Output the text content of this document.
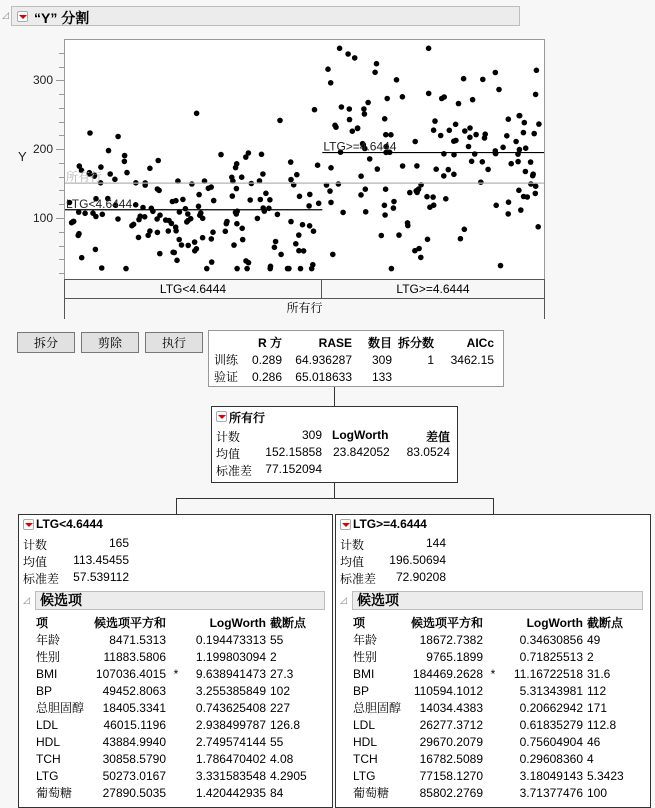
◿ “Y” 分割
Y
300
200
100
所有行
LTG<4.6444
LTG>=4.6444
LTG<4.6444	LTG>=4.6444
所有行
拆分	剪除	执行
		R 方	RASE	数目	拆分数	AICc
训练	0.289	64.936287	309	1	3462.15
验证	0.286	65.018633	133		
所有行
计数	309 LogWorth	差值
均值	152.15858 23.842052	83.0524
标准差	77.152094
LTG<4.6444
计数	165
均值	113.45455
标准差	57.539112
◿ 候选项
项	候选项平方和		LogWorth	截断点
年龄	8471.5313		0.194473313	55
性别	11883.5806		1.199803094	2
BMI	107036.4015	*	9.638941473	27.3
BP	49452.8063		3.255385849	102
总胆固醇	18405.3341		0.743625408	227
LDL	46015.1196		2.938499787	126.8
HDL	43884.9940		2.749574144	55
TCH	30858.5790		1.786470402	4.08
LTG	50273.0167		3.331583548	4.2905
葡萄糖	27890.5035		1.420442935	84
LTG>=4.6444
计数	144
均值	196.50694
标准差	72.90208
◿ 候选项
项	候选项平方和		LogWorth	截断点
年龄	18672.7382		0.34630856	49
性别	9765.1899		0.71825513	2
BMI	184469.2628	*	11.16722518	31.6
BP	110594.1012		5.31343981	112
总胆固醇	14034.4383		0.20662942	171
LDL	26277.3712		0.61835279	112.8
HDL	29670.2079		0.75604904	46
TCH	16782.5089		0.29608360	4
LTG	77158.1270		3.18049143	5.3423
葡萄糖	85802.2769		3.71377476	100
